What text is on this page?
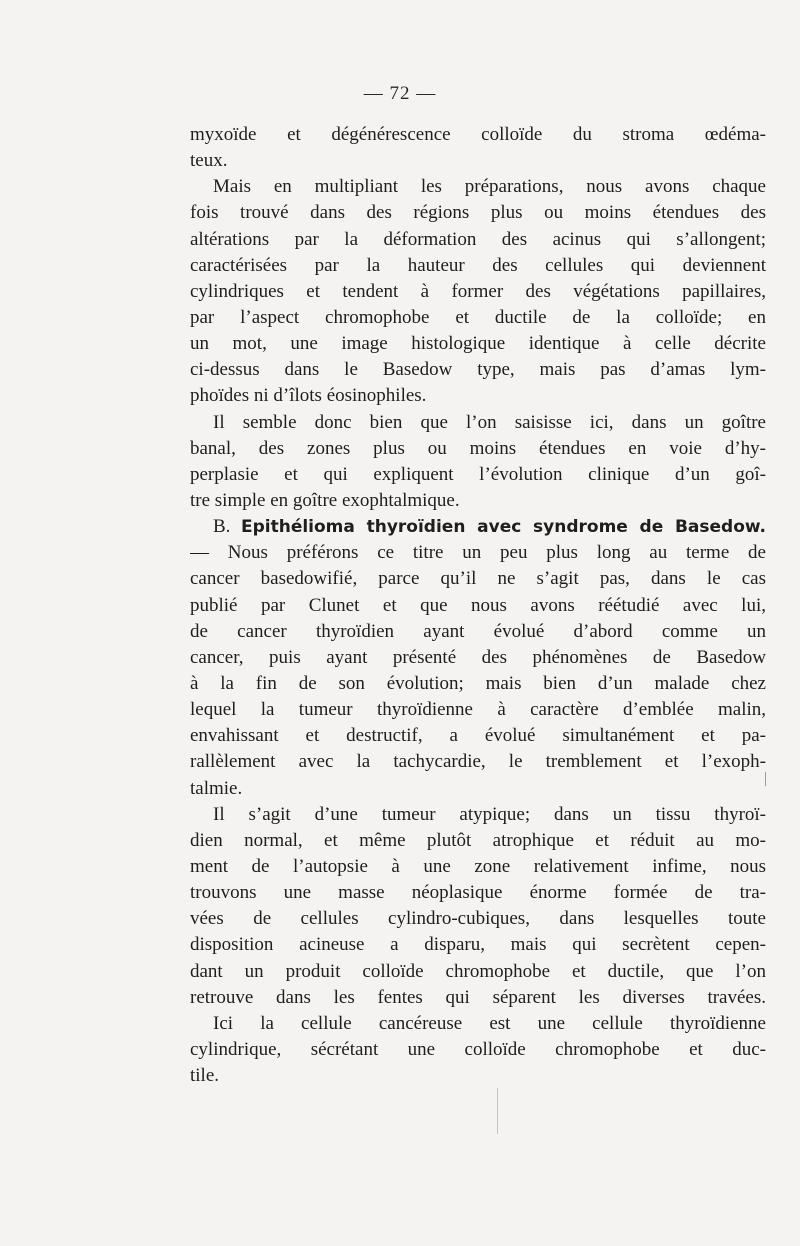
— 72 —
myxoïde et dégénérescence colloïde du stroma œdéma-
teux.
Mais en multipliant les préparations, nous avons chaque
fois trouvé dans des régions plus ou moins étendues des
altérations par la déformation des acinus qui s’allongent;
caractérisées par la hauteur des cellules qui deviennent
cylindriques et tendent à former des végétations papillaires,
par l’aspect chromophobe et ductile de la colloïde; en
un mot, une image histologique identique à celle décrite
ci-dessus dans le Basedow type, mais pas d’amas lym-
phoïdes ni d’îlots éosinophiles.
Il semble donc bien que l’on saisisse ici, dans un goître
banal, des zones plus ou moins étendues en voie d’hy-
perplasie et qui expliquent l’évolution clinique d’un goî-
tre simple en goître exophtalmique.
B. Epithélioma thyroïdien avec syndrome de Basedow.
— Nous préférons ce titre un peu plus long au terme de
cancer basedowifié, parce qu’il ne s’agit pas, dans le cas
publié par Clunet et que nous avons réétudié avec lui,
de cancer thyroïdien ayant évolué d’abord comme un
cancer, puis ayant présenté des phénomènes de Basedow
à la fin de son évolution; mais bien d’un malade chez
lequel la tumeur thyroïdienne à caractère d’emblée malin,
envahissant et destructif, a évolué simultanément et pa-
rallèlement avec la tachycardie, le tremblement et l’exoph-
talmie.
Il s’agit d’une tumeur atypique; dans un tissu thyroï-
dien normal, et même plutôt atrophique et réduit au mo-
ment de l’autopsie à une zone relativement infime, nous
trouvons une masse néoplasique énorme formée de tra-
vées de cellules cylindro-cubiques, dans lesquelles toute
disposition acineuse a disparu, mais qui secrètent cepen-
dant un produit colloïde chromophobe et ductile, que l’on
retrouve dans les fentes qui séparent les diverses travées.
Ici la cellule cancéreuse est une cellule thyroïdienne
cylindrique, sécrétant une colloïde chromophobe et duc-
tile.
